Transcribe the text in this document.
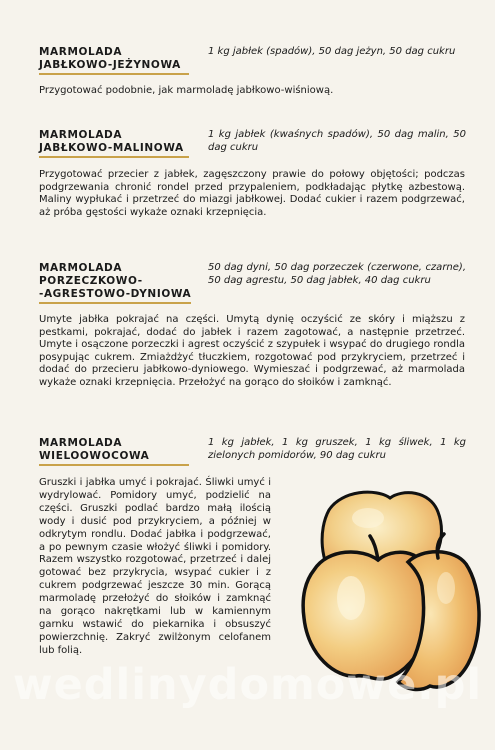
MARMOLADA
JABŁKOWO-JEŻYNOWA
1 kg jabłek (spadów), 50 dag jeżyn, 50 dag cukru
Przygotować podobnie, jak marmoladę jabłkowo-wiśniową.
MARMOLADA
JABŁKOWO-MALINOWA
1 kg jabłek (kwaśnych spadów), 50 dag malin, 50 dag cukru
Przygotować przecier z jabłek, zagęszczony prawie do połowy objętości; podczas podgrzewania chronić rondel przed przypaleniem, podkładając płytkę azbestową. Maliny wypłukać i przetrzeć do miazgi jabłkowej. Dodać cukier i razem podgrzewać, aż próba gęstości wykaże oznaki krzepnięcia.
MARMOLADA
PORZECZKOWO-
-AGRESTOWO-DYNIOWA
50 dag dyni, 50 dag porzeczek (czerwone, czarne), 50 dag agrestu, 50 dag jabłek, 40 dag cukru
Umyte jabłka pokrajać na części. Umytą dynię oczyścić ze skóry i miąższu z pestkami, pokrajać, dodać do jabłek i razem zagotować, a następnie przetrzeć. Umyte i osączone porzeczki i agrest oczyścić z szypułek i wsypać do drugiego rondla posypując cukrem. Zmiażdżyć tłuczkiem, rozgotować pod przykryciem, przetrzeć i dodać do przecieru jabłkowo-dyniowego. Wymieszać i podgrzewać, aż marmolada wykaże oznaki krzepnięcia. Przełożyć na gorąco do słoików i zamknąć.
MARMOLADA
WIELOOWOCOWA
1 kg jabłek, 1 kg gruszek, 1 kg śliwek, 1 kg zielonych pomidorów, 90 dag cukru
Gruszki i jabłka umyć i pokrajać. Śliwki umyć i wydrylować. Pomidory umyć, podzielić na części. Gruszki podlać bardzo małą ilością wody i dusić pod przykryciem, a później w odkrytym rondlu. Dodać jabłka i podgrzewać, a po pewnym czasie włożyć śliwki i pomidory. Razem wszystko rozgotować, przetrzeć i dalej gotować bez przykrycia, wsypać cukier i z cukrem podgrzewać jeszcze 30 min. Gorącą marmoladę przełożyć do słoików i zamknąć na gorąco nakrętkami lub w kamiennym garnku wstawić do piekarnika i obsuszyć powierzchnię. Zakryć zwilżonym celofanem lub folią.
wedlinydomowe.pl
